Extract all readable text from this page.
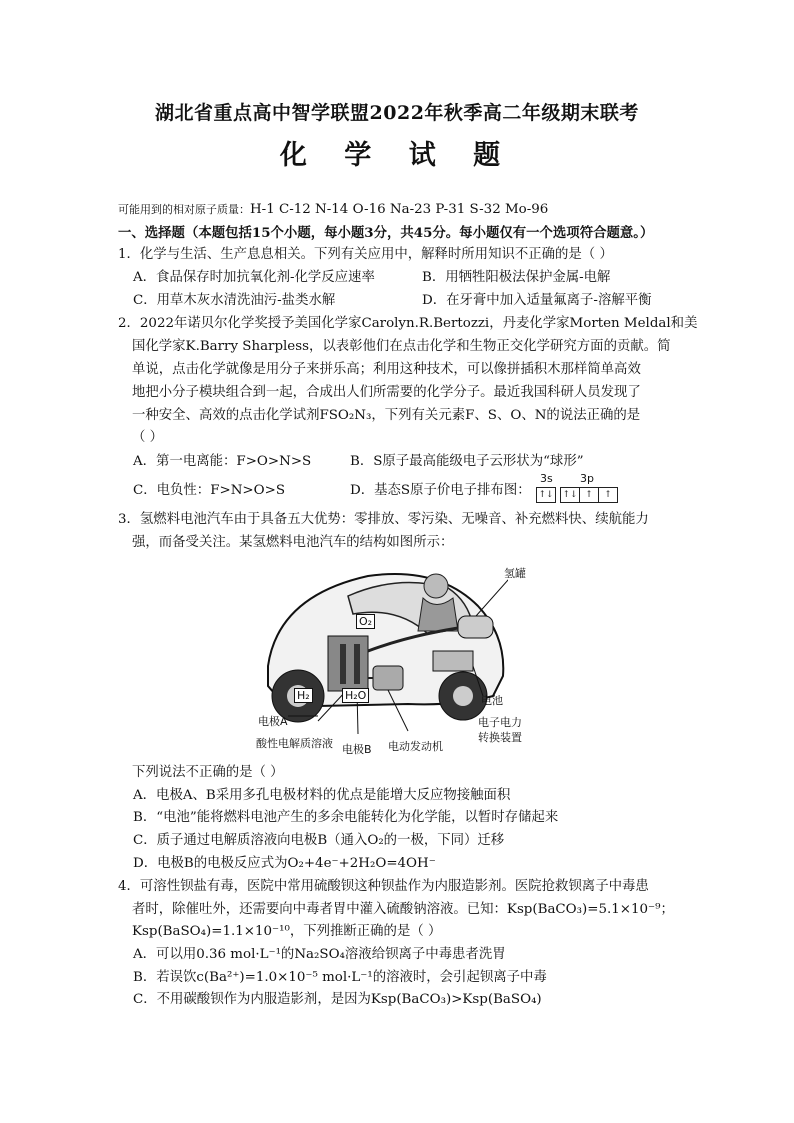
湖北省重点高中智学联盟2022年秋季高二年级期末联考
化 学 试 题
可能用到的相对原子质量：H-1 C-12 N-14 O-16 Na-23 P-31 S-32 Mo-96
一、选择题（本题包括15个小题，每小题3分，共45分。每小题仅有一个选项符合题意。）
1．化学与生活、生产息息相关。下列有关应用中，解释时所用知识不正确的是（ ）
A．食品保存时加抗氧化剂-化学反应速率	B．用牺牲阳极法保护金属-电解
C．用草木灰水清洗油污-盐类水解	D．在牙膏中加入适量氟离子-溶解平衡
2．2022年诺贝尔化学奖授予美国化学家Carolyn.R.Bertozzi，丹麦化学家Morten Meldal和美
国化学家K.Barry Sharpless，以表彰他们在点击化学和生物正交化学研究方面的贡献。简
单说，点击化学就像是用分子来拼乐高；利用这种技术，可以像拼插积木那样简单高效
地把小分子模块组合到一起，合成出人们所需要的化学分子。最近我国科研人员发现了
一种安全、高效的点击化学试剂FSO₂N₃，下列有关元素F、S、O、N的说法正确的是
（ ）
A．第一电离能：F>O>N>S	B．S原子最高能级电子云形状为“球形”
C．电负性：F>N>O>S	D．基态S原子价电子排布图：
3s 3p
↑↓ ↑↓ ↑ ↑
3．氢燃料电池汽车由于具备五大优势：零排放、零污染、无噪音、补充燃料快、续航能力
强，而备受关注。某氢燃料电池汽车的结构如图所示：
H₂	H₂O
O₂
氢罐
电池
电子电力
转换装置
电极A
酸性电解质溶液 电极B 电动发动机
下列说法不正确的是（ ）
A．电极A、B采用多孔电极材料的优点是能增大反应物接触面积
B．“电池”能将燃料电池产生的多余电能转化为化学能，以暂时存储起来
C．质子通过电解质溶液向电极B（通入O₂的一极，下同）迁移
D．电极B的电极反应式为O₂+4e⁻+2H₂O=4OH⁻
4．可溶性钡盐有毒，医院中常用硫酸钡这种钡盐作为内服造影剂。医院抢救钡离子中毒患
者时，除催吐外，还需要向中毒者胃中灌入硫酸钠溶液。已知：Ksp(BaCO₃)=5.1×10⁻⁹；
Ksp(BaSO₄)=1.1×10⁻¹⁰，下列推断正确的是（ ）
A．可以用0.36 mol·L⁻¹的Na₂SO₄溶液给钡离子中毒患者洗胃
B．若误饮c(Ba²⁺)=1.0×10⁻⁵ mol·L⁻¹的溶液时，会引起钡离子中毒
C．不用碳酸钡作为内服造影剂，是因为Ksp(BaCO₃)>Ksp(BaSO₄)
